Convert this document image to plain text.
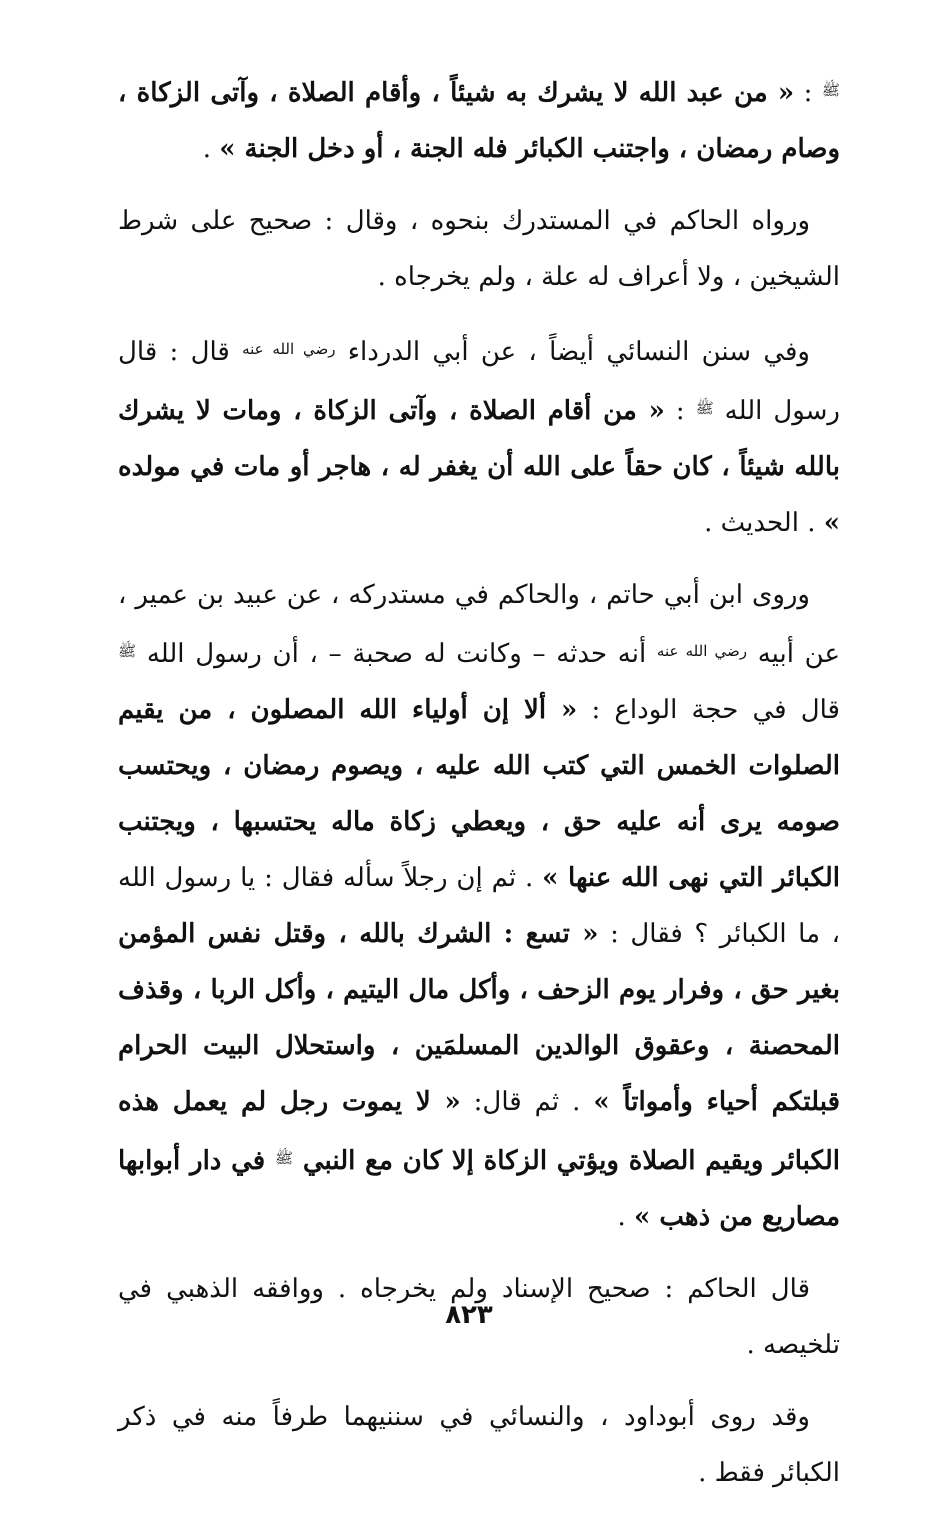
$^ﷺ$ : « من عبد الله لا يشرك به شيئاً ، وأقام الصلاة ، وآتى الزكاة ، وصام رمضان ، واجتنب الكبائر فله الجنة ، أو دخل الجنة » .

ورواه الحاكم في المستدرك بنحوه ، وقال : صحيح على شرط الشيخين ، ولا أعراف له علة ، ولم يخرجاه .

وفي سنن النسائي أيضاً ، عن أبي الدرداء $^{رضي الله عنه}$ قال : قال رسول الله $^ﷺ$ : « من أقام الصلاة ، وآتى الزكاة ، ومات لا يشرك بالله شيئاً ، كان حقاً على الله أن يغفر له ، هاجر أو مات في مولده » . الحديث .

وروى ابن أبي حاتم ، والحاكم في مستدركه ، عن عبيد بن عمير ، عن أبيه $^{رضي الله عنه}$ أنه حدثه – وكانت له صحبة – ، أن رسول الله $^ﷺ$ قال في حجة الوداع : « ألا إن أولياء الله المصلون ، من يقيم الصلوات الخمس التي كتب الله عليه ، ويصوم رمضان ، ويحتسب صومه يرى أنه عليه حق ، ويعطي زكاة ماله يحتسبها ، ويجتنب الكبائر التي نهى الله عنها » . ثم إن رجلاً سأله فقال : يا رسول الله ، ما الكبائر ؟ فقال : « تسع : الشرك بالله ، وقتل نفس المؤمن بغير حق ، وفرار يوم الزحف ، وأكل مال اليتيم ، وأكل الربا ، وقذف المحصنة ، وعقوق الوالدين المسلمَين ، واستحلال البيت الحرام قبلتكم أحياء وأمواتاً » . ثم قال: « لا يموت رجل لم يعمل هذه الكبائر ويقيم الصلاة ويؤتي الزكاة إلا كان مع النبي $^ﷺ$ في دار أبوابها مصاريع من ذهب » .

قال الحاكم : صحيح الإسناد ولم يخرجاه . ووافقه الذهبي في تلخيصه .

وقد روى أبوداود ، والنسائي في سننيهما طرفاً منه في ذكر الكبائر فقط .

٨٢٣
